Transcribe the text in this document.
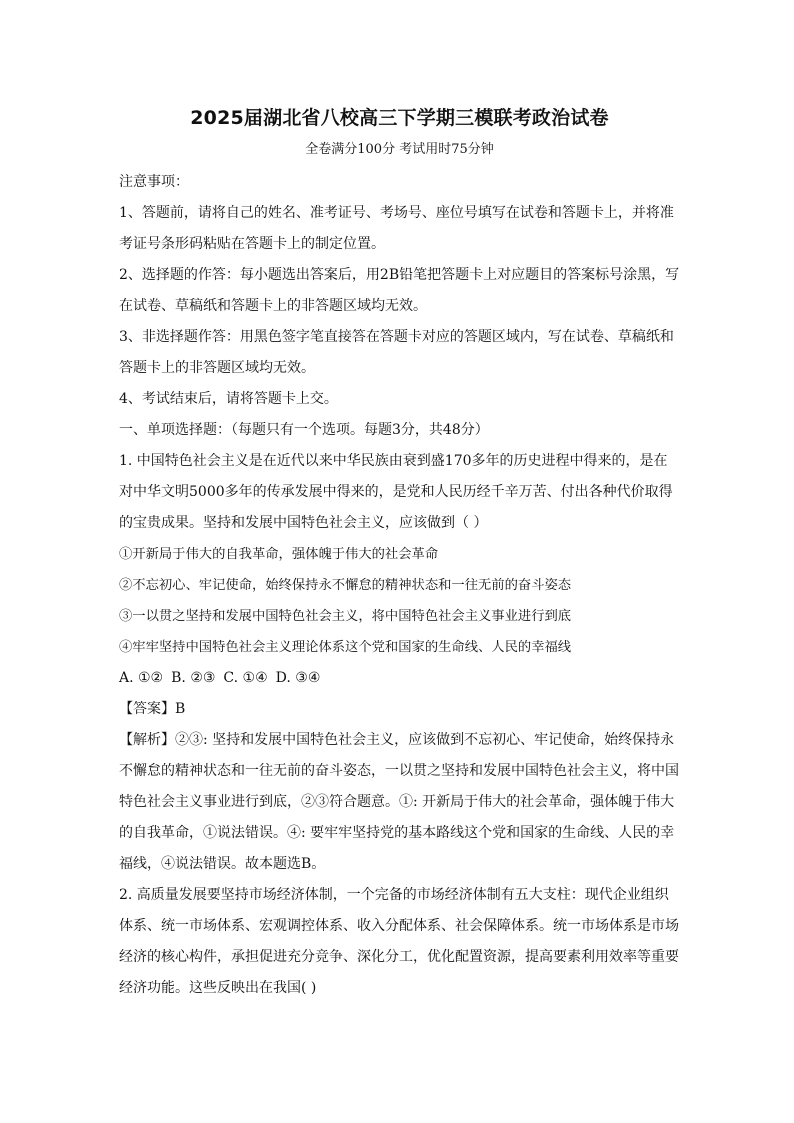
2025届湖北省八校高三下学期三模联考政治试卷

全卷满分100分 考试用时75分钟

注意事项：

1、答题前，请将自己的姓名、准考证号、考场号、座位号填写在试卷和答题卡上，并将准考证号条形码粘贴在答题卡上的制定位置。

2、选择题的作答：每小题选出答案后，用2B铅笔把答题卡上对应题目的答案标号涂黑，写在试卷、草稿纸和答题卡上的非答题区域均无效。

3、非选择题作答：用黑色签字笔直接答在答题卡对应的答题区域内，写在试卷、草稿纸和答题卡上的非答题区域均无效。

4、考试结束后，请将答题卡上交。

一、单项选择题：（每题只有一个选项。每题3分，共48分）

1. 中国特色社会主义是在近代以来中华民族由衰到盛170多年的历史进程中得来的，是在对中华文明5000多年的传承发展中得来的，是党和人民历经千辛万苦、付出各种代价取得的宝贵成果。坚持和发展中国特色社会主义，应该做到（ ）

①开新局于伟大的自我革命，强体魄于伟大的社会革命

②不忘初心、牢记使命，始终保持永不懈怠的精神状态和一往无前的奋斗姿态

③一以贯之坚持和发展中国特色社会主义，将中国特色社会主义事业进行到底

④牢牢坚持中国特色社会主义理论体系这个党和国家的生命线、人民的幸福线

A. ①② B. ②③ C. ①④ D. ③④

【答案】B

【解析】②③: 坚持和发展中国特色社会主义，应该做到不忘初心、牢记使命，始终保持永不懈怠的精神状态和一往无前的奋斗姿态，一以贯之坚持和发展中国特色社会主义，将中国特色社会主义事业进行到底，②③符合题意。①: 开新局于伟大的社会革命，强体魄于伟大的自我革命，①说法错误。④: 要牢牢坚持党的基本路线这个党和国家的生命线、人民的幸福线，④说法错误。故本题选B。

2. 高质量发展要坚持市场经济体制，一个完备的市场经济体制有五大支柱：现代企业组织体系、统一市场体系、宏观调控体系、收入分配体系、社会保障体系。统一市场体系是市场经济的核心构件，承担促进充分竞争、深化分工，优化配置资源，提高要素利用效率等重要经济功能。这些反映出在我国( )
